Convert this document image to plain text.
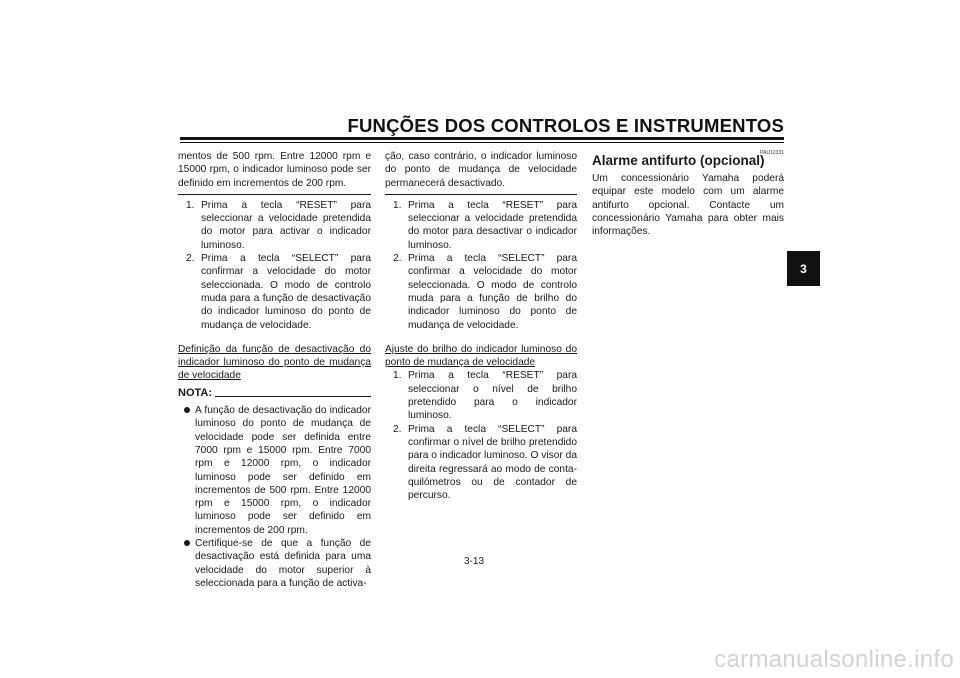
FUNÇÕES DOS CONTROLOS E INSTRUMENTOS
3

mentos de 500 rpm. Entre 12000 rpm e 15000 rpm, o indicador luminoso pode ser definido em incrementos de 200 rpm.

1. Prima a tecla “RESET” para seleccionar a velocidade pretendida do motor para activar o indicador luminoso.
2. Prima a tecla “SELECT” para confirmar a velocidade do motor seleccionada. O modo de controlo muda para a função de desactivação do indicador luminoso do ponto de mudança de velocidade.

Definição da função de desactivação do indicador luminoso do ponto de mudança de velocidade

NOTA:
A função de desactivação do indicador luminoso do ponto de mudança de velocidade pode ser definida entre 7000 rpm e 15000 rpm. Entre 7000 rpm e 12000 rpm, o indicador luminoso pode ser definido em incrementos de 500 rpm. Entre 12000 rpm e 15000 rpm, o indicador luminoso pode ser definido em incrementos de 200 rpm.
Certifique-se de que a função de desactivação está definida para uma velocidade do motor superior à seleccionada para a função de activa-

ção, caso contrário, o indicador luminoso do ponto de mudança de velocidade permanecerá desactivado.

1. Prima a tecla “RESET” para seleccionar a velocidade pretendida do motor para desactivar o indicador luminoso.
2. Prima a tecla “SELECT” para confirmar a velocidade do motor seleccionada. O modo de controlo muda para a função de brilho do indicador luminoso do ponto de mudança de velocidade.

Ajuste do brilho do indicador luminoso do ponto de mudança de velocidade

1. Prima a tecla “RESET” para seleccionar o nível de brilho pretendido para o indicador luminoso.
2. Prima a tecla “SELECT” para confirmar o nível de brilho pretendido para o indicador luminoso. O visor da direita regressará ao modo de conta-quilómetros ou de contador de percurso.
PAU12331
Alarme antifurto (opcional)

Um concessionário Yamaha poderá equipar este modelo com um alarme antifurto opcional. Contacte um concessionário Yamaha para obter mais informações.

3-13
carmanualsonline.info
